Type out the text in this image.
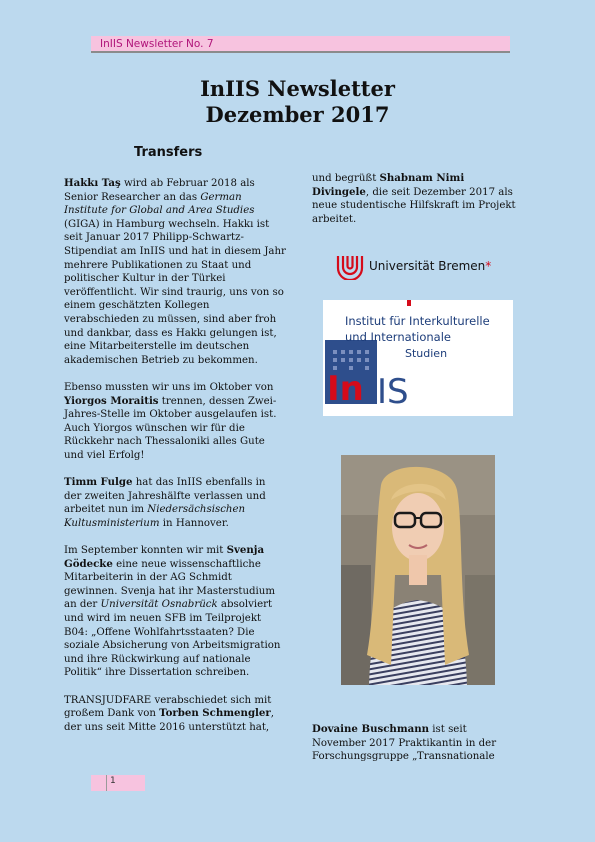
InIIS Newsletter No. 7
InIIS Newsletter
Dezember 2017
Transfers

Hakkı Taş wird ab Februar 2018 als Senior Researcher an das German Institute for Global and Area Studies (GIGA) in Hamburg wechseln. Hakkı ist seit Januar 2017 Philipp-Schwartz-Stipendiat am InIIS und hat in diesem Jahr mehrere Publikationen zu Staat und politischer Kultur in der Türkei veröffentlicht. Wir sind traurig, uns von so einem geschätzten Kollegen verabschieden zu müssen, sind aber froh und dankbar, dass es Hakkı gelungen ist, eine Mitarbeiterstelle im deutschen akademischen Betrieb zu bekommen.

Ebenso mussten wir uns im Oktober von Yiorgos Moraitis trennen, dessen Zwei-Jahres-Stelle im Oktober ausgelaufen ist. Auch Yiorgos wünschen wir für die Rückkehr nach Thessaloniki alles Gute und viel Erfolg!

Timm Fulge hat das InIIS ebenfalls in der zweiten Jahreshälfte verlassen und arbeitet nun im Niedersächsischen Kultusministerium in Hannover.

Im September konnten wir mit Svenja Gödecke eine neue wissenschaftliche Mitarbeiterin in der AG Schmidt gewinnen. Svenja hat ihr Masterstudium an der Universität Osnabrück absolviert und wird im neuen SFB im Teilprojekt B04: „Offene Wohlfahrtsstaaten? Die soziale Absicherung von Arbeitsmigration und ihre Rückwirkung auf nationale Politik“ ihre Dissertation schreiben.

TRANSJUDFARE verabschiedet sich mit großem Dank von Torben Schmengler, der uns seit Mitte 2016 unterstützt hat,

und begrüßt Shabnam Nimi Divingele, die seit Dezember 2017 als neue studentische Hilfskraft im Projekt arbeitet.

Universität Bremen*
In IS
Institut für Interkulturelle
und Internationale
Studien

Dovaine Buschmann ist seit November 2017 Praktikantin in der Forschungsgruppe „Transnationale

1
